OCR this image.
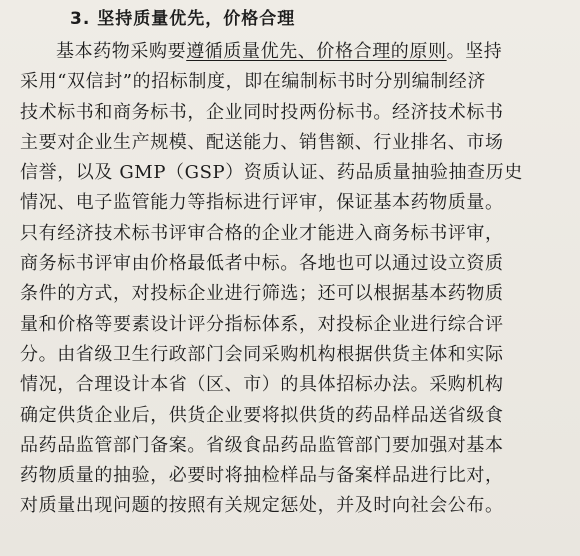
3. 坚持质量优先，价格合理
基本药物采购要遵循质量优先、价格合理的原则。坚持
采用“双信封”的招标制度，即在编制标书时分别编制经济
技术标书和商务标书，企业同时投两份标书。经济技术标书
主要对企业生产规模、配送能力、销售额、行业排名、市场
信誉，以及 GMP（GSP）资质认证、药品质量抽验抽查历史
情况、电子监管能力等指标进行评审，保证基本药物质量。
只有经济技术标书评审合格的企业才能进入商务标书评审，
商务标书评审由价格最低者中标。各地也可以通过设立资质
条件的方式，对投标企业进行筛选；还可以根据基本药物质
量和价格等要素设计评分指标体系，对投标企业进行综合评
分。由省级卫生行政部门会同采购机构根据供货主体和实际
情况，合理设计本省（区、市）的具体招标办法。采购机构
确定供货企业后，供货企业要将拟供货的药品样品送省级食
品药品监管部门备案。省级食品药品监管部门要加强对基本
药物质量的抽验，必要时将抽检样品与备案样品进行比对，
对质量出现问题的按照有关规定惩处，并及时向社会公布。
